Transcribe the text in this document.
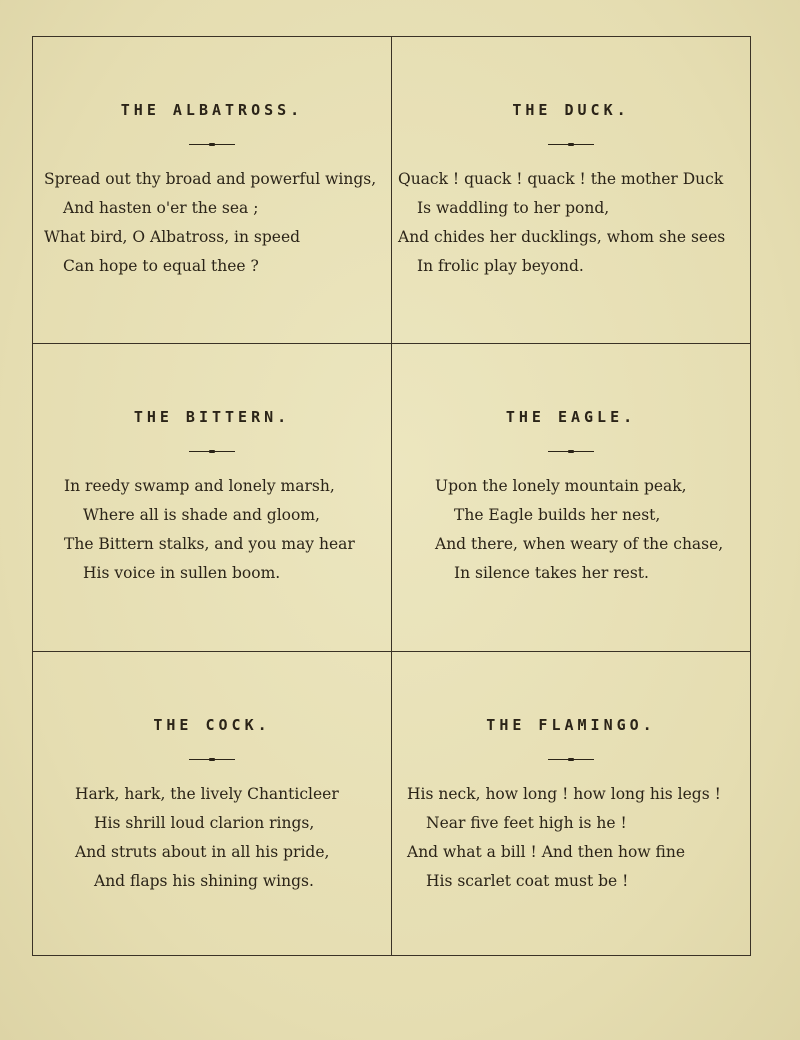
THE ALBATROSS.
Spread out thy broad and powerful wings,
And hasten o'er the sea ;
What bird, O Albatross, in speed
Can hope to equal thee ?
THE DUCK.
Quack ! quack ! quack ! the mother Duck
Is waddling to her pond,
And chides her ducklings, whom she sees
In frolic play beyond.
THE BITTERN.
In reedy swamp and lonely marsh,
Where all is shade and gloom,
The Bittern stalks, and you may hear
His voice in sullen boom.
THE EAGLE.
Upon the lonely mountain peak,
The Eagle builds her nest,
And there, when weary of the chase,
In silence takes her rest.
THE COCK.
Hark, hark, the lively Chanticleer
His shrill loud clarion rings,
And struts about in all his pride,
And flaps his shining wings.
THE FLAMINGO.
His neck, how long ! how long his legs !
Near five feet high is he !
And what a bill ! And then how fine
His scarlet coat must be !
